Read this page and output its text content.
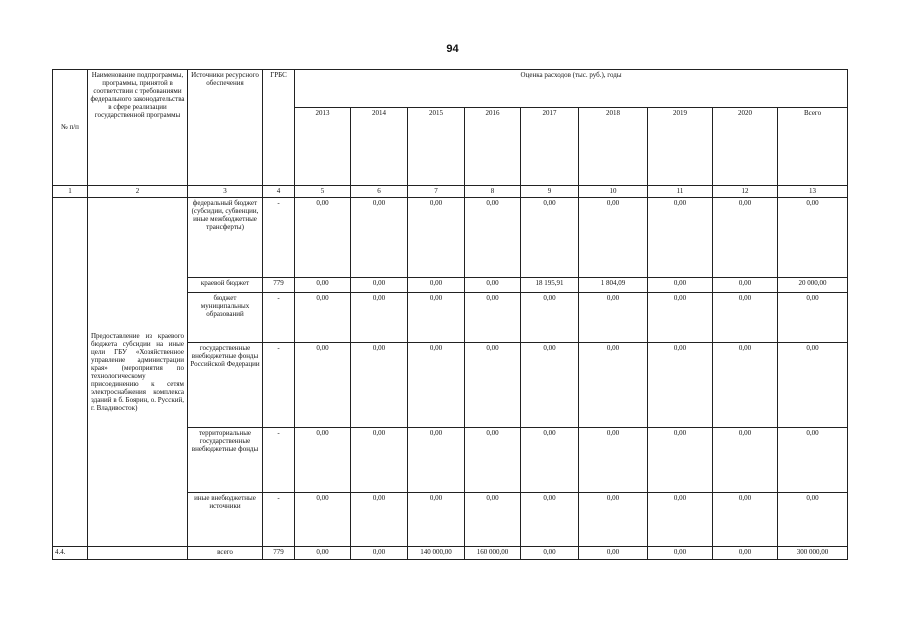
94
№ п/п	Наименование подпрограммы, программы, принятой в соответствии с требованиями федерального законодательства в сфере реализации государственной программы	Источники ресурсного обеспечения	ГРБС	Оценка расходов (тыс. руб.), годы								
				2013	2014	2015	2016	2017	2018	2019	2020	Всего
1	2	3	4	5	6	7	8	9	10	11	12	13
	Предоставление из краевого бюджета субсидии на иные цели ГБУ «Хозяйственное управление администрации края» (мероприятия по технологическому присоединению к сетям электроснабжения комплекса зданий в б. Боярин, о. Русский, г. Владивосток)	федеральный бюджет (субсидии, субвенции, иные межбюджетные трансферты)	-	0,00	0,00	0,00	0,00	0,00	0,00	0,00	0,00	0,00
		краевой бюджет	779	0,00	0,00	0,00	0,00	18 195,91	1 804,09	0,00	0,00	20 000,00
		бюджет муниципальных образований	-	0,00	0,00	0,00	0,00	0,00	0,00	0,00	0,00	0,00
		государственные внебюджетные фонды Российской Федерации	-	0,00	0,00	0,00	0,00	0,00	0,00	0,00	0,00	0,00
		территориальные государственные внебюджетные фонды	-	0,00	0,00	0,00	0,00	0,00	0,00	0,00	0,00	0,00
		иные внебюджетные источники	-	0,00	0,00	0,00	0,00	0,00	0,00	0,00	0,00	0,00
4.4.		всего	779	0,00	0,00	140 000,00	160 000,00	0,00	0,00	0,00	0,00	300 000,00
